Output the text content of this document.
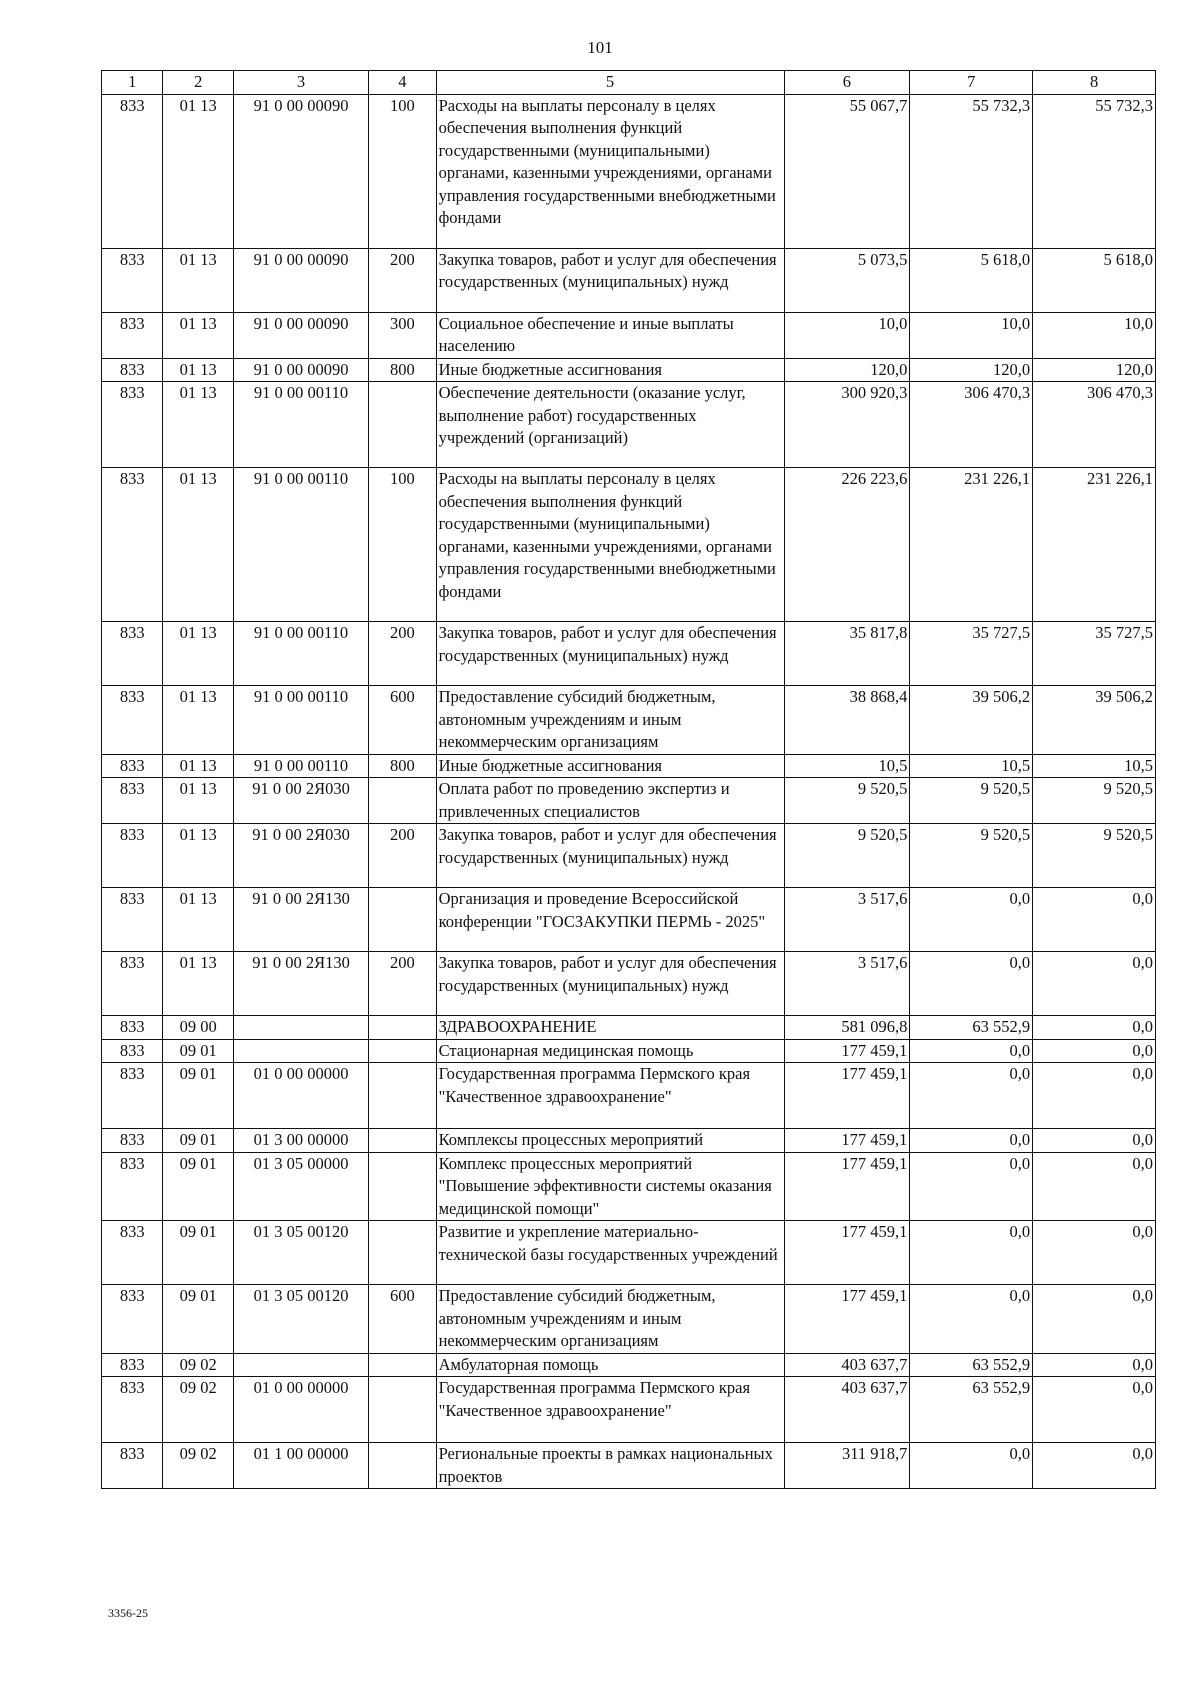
101
1	2	3	4	5	6	7	8
833	01 13	91 0 00 00090	100	Расходы на выплаты персоналу в целях обеспечения выполнения функций государственными (муниципальными) органами, казенными учреждениями, органами управления государственными внебюджетными фондами	55 067,7	55 732,3	55 732,3
833	01 13	91 0 00 00090	200	Закупка товаров, работ и услуг для обеспечения государственных (муниципальных) нужд	5 073,5	5 618,0	5 618,0
833	01 13	91 0 00 00090	300	Социальное обеспечение и иные выплаты населению	10,0	10,0	10,0
833	01 13	91 0 00 00090	800	Иные бюджетные ассигнования	120,0	120,0	120,0
833	01 13	91 0 00 00110		Обеспечение деятельности (оказание услуг, выполнение работ) государственных учреждений (организаций)	300 920,3	306 470,3	306 470,3
833	01 13	91 0 00 00110	100	Расходы на выплаты персоналу в целях обеспечения выполнения функций государственными (муниципальными) органами, казенными учреждениями, органами управления государственными внебюджетными фондами	226 223,6	231 226,1	231 226,1
833	01 13	91 0 00 00110	200	Закупка товаров, работ и услуг для обеспечения государственных (муниципальных) нужд	35 817,8	35 727,5	35 727,5
833	01 13	91 0 00 00110	600	Предоставление субсидий бюджетным, автономным учреждениям и иным некоммерческим организациям	38 868,4	39 506,2	39 506,2
833	01 13	91 0 00 00110	800	Иные бюджетные ассигнования	10,5	10,5	10,5
833	01 13	91 0 00 2Я030		Оплата работ по проведению экспертиз и привлеченных специалистов	9 520,5	9 520,5	9 520,5
833	01 13	91 0 00 2Я030	200	Закупка товаров, работ и услуг для обеспечения государственных (муниципальных) нужд	9 520,5	9 520,5	9 520,5
833	01 13	91 0 00 2Я130		Организация и проведение Всероссийской конференции "ГОСЗАКУПКИ ПЕРМЬ - 2025"	3 517,6	0,0	0,0
833	01 13	91 0 00 2Я130	200	Закупка товаров, работ и услуг для обеспечения государственных (муниципальных) нужд	3 517,6	0,0	0,0
833	09 00			ЗДРАВООХРАНЕНИЕ	581 096,8	63 552,9	0,0
833	09 01			Стационарная медицинская помощь	177 459,1	0,0	0,0
833	09 01	01 0 00 00000		Государственная программа Пермского края "Качественное здравоохранение"	177 459,1	0,0	0,0
833	09 01	01 3 00 00000		Комплексы процессных мероприятий	177 459,1	0,0	0,0
833	09 01	01 3 05 00000		Комплекс процессных мероприятий "Повышение эффективности системы оказания медицинской помощи"	177 459,1	0,0	0,0
833	09 01	01 3 05 00120		Развитие и укрепление материально-технической базы государственных учреждений	177 459,1	0,0	0,0
833	09 01	01 3 05 00120	600	Предоставление субсидий бюджетным, автономным учреждениям и иным некоммерческим организациям	177 459,1	0,0	0,0
833	09 02			Амбулаторная помощь	403 637,7	63 552,9	0,0
833	09 02	01 0 00 00000		Государственная программа Пермского края "Качественное здравоохранение"	403 637,7	63 552,9	0,0
833	09 02	01 1 00 00000		Региональные проекты в рамках национальных проектов	311 918,7	0,0	0,0
3356-25
